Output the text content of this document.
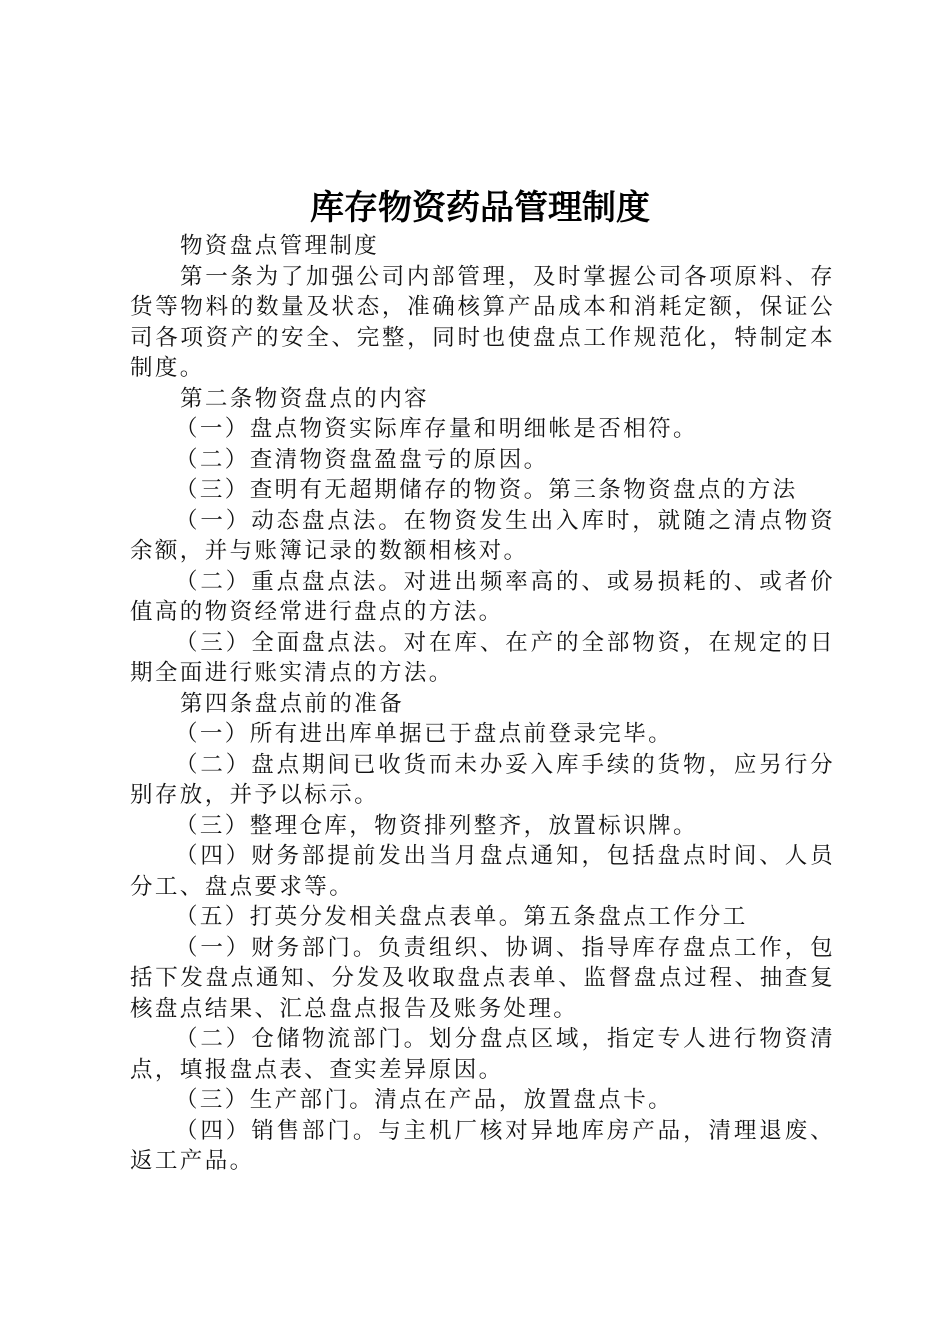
库存物资药品管理制度

物资盘点管理制度

第一条为了加强公司内部管理，及时掌握公司各项原料、存货等物料的数量及状态，准确核算产品成本和消耗定额，保证公司各项资产的安全、完整，同时也使盘点工作规范化，特制定本制度。

第二条物资盘点的内容

（一）盘点物资实际库存量和明细帐是否相符。

（二）查清物资盘盈盘亏的原因。

（三）查明有无超期储存的物资。第三条物资盘点的方法

（一）动态盘点法。在物资发生出入库时，就随之清点物资余额，并与账簿记录的数额相核对。

（二）重点盘点法。对进出频率高的、或易损耗的、或者价值高的物资经常进行盘点的方法。

（三）全面盘点法。对在库、在产的全部物资，在规定的日期全面进行账实清点的方法。

第四条盘点前的准备

（一）所有进出库单据已于盘点前登录完毕。

（二）盘点期间已收货而未办妥入库手续的货物，应另行分别存放，并予以标示。

（三）整理仓库，物资排列整齐，放置标识牌。

（四）财务部提前发出当月盘点通知，包括盘点时间、人员分工、盘点要求等。

（五）打英分发相关盘点表单。第五条盘点工作分工

（一）财务部门。负责组织、协调、指导库存盘点工作，包括下发盘点通知、分发及收取盘点表单、监督盘点过程、抽查复核盘点结果、汇总盘点报告及账务处理。

（二）仓储物流部门。划分盘点区域，指定专人进行物资清点，填报盘点表、查实差异原因。

（三）生产部门。清点在产品，放置盘点卡。

（四）销售部门。与主机厂核对异地库房产品，清理退废、返工产品。
